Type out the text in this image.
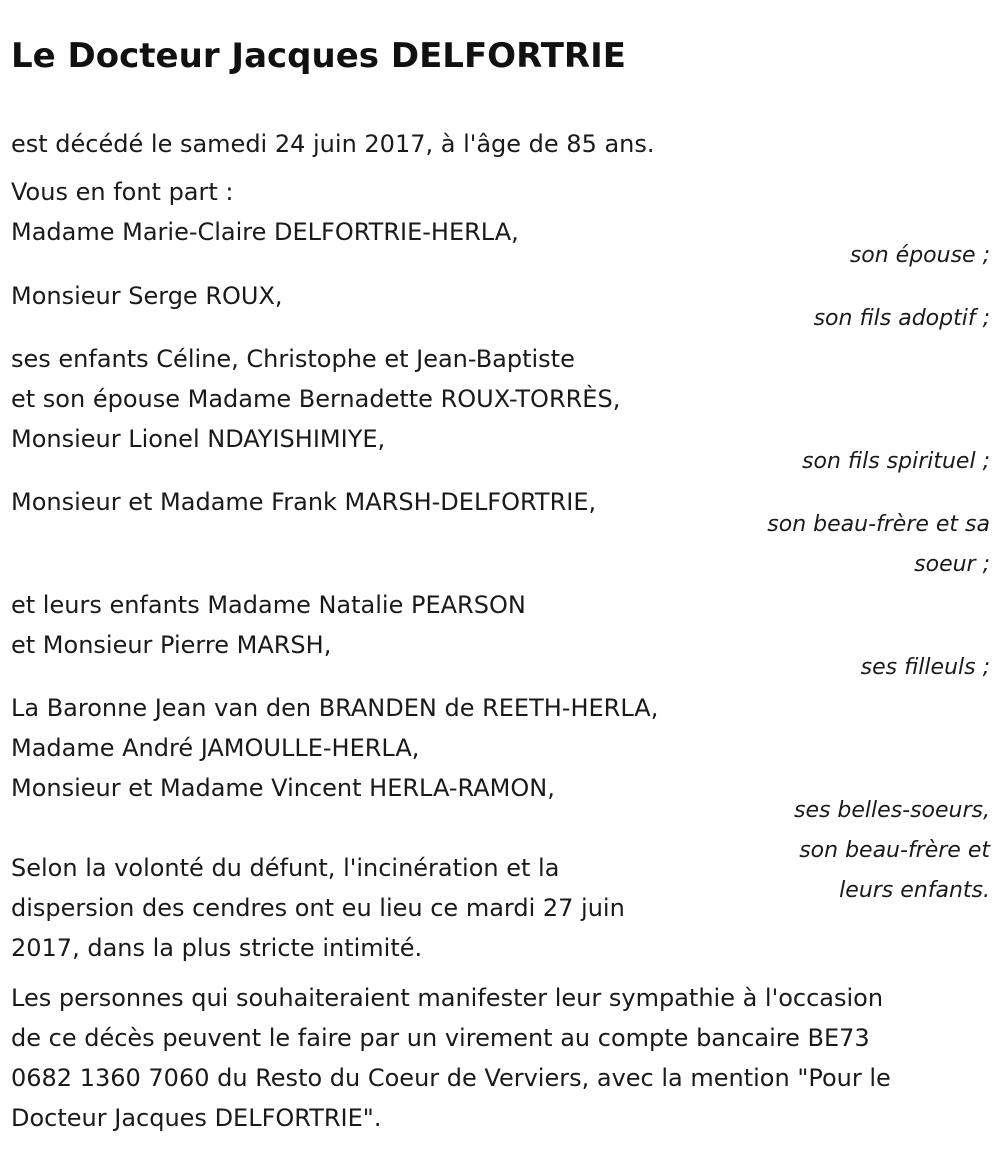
Le Docteur Jacques DELFORTRIE
est décédé le samedi 24 juin 2017, à l'âge de 85 ans.
Vous en font part :
Madame Marie-Claire DELFORTRIE-HERLA,
son épouse ;
Monsieur Serge ROUX,
son fils adoptif ;
ses enfants Céline, Christophe et Jean-Baptiste
et son épouse Madame Bernadette ROUX-TORRÈS,
Monsieur Lionel NDAYISHIMIYE,
son fils spirituel ;
Monsieur et Madame Frank MARSH-DELFORTRIE,
son beau-frère et sa
soeur ;
et leurs enfants Madame Natalie PEARSON
et Monsieur Pierre MARSH,
ses filleuls ;
La Baronne Jean van den BRANDEN de REETH-HERLA,
Madame André JAMOULLE-HERLA,
Monsieur et Madame Vincent HERLA-RAMON,
ses belles-soeurs,
son beau-frère et
leurs enfants.
Selon la volonté du défunt, l'incinération et la
dispersion des cendres ont eu lieu ce mardi 27 juin
2017, dans la plus stricte intimité.
Les personnes qui souhaiteraient manifester leur sympathie à l'occasion
de ce décès peuvent le faire par un virement au compte bancaire BE73
0682 1360 7060 du Resto du Coeur de Verviers, avec la mention "Pour le
Docteur Jacques DELFORTRIE".
